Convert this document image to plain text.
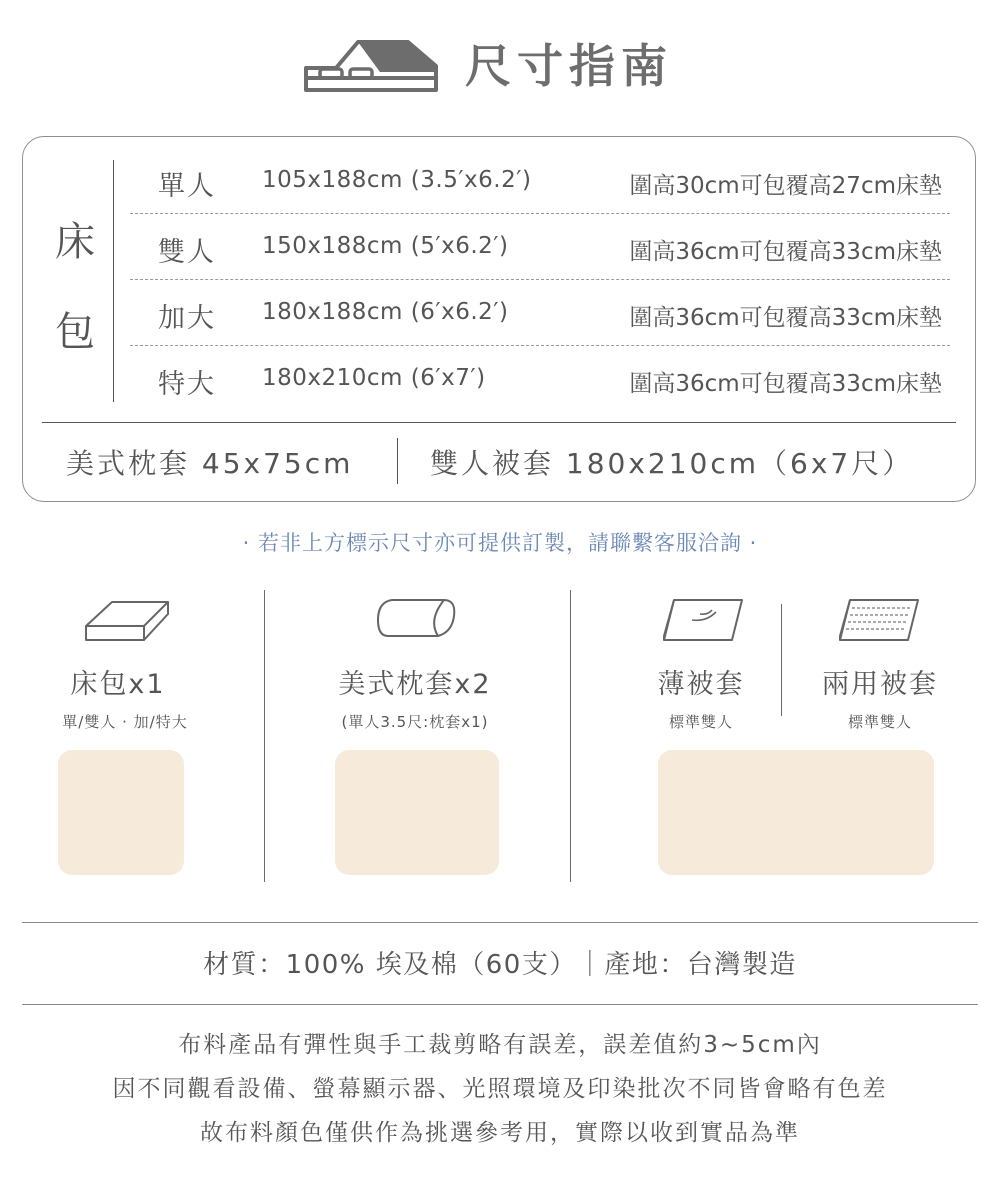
尺寸指南
床
包
單人 105x188cm (3.5′x6.2′)	圍高30cm可包覆高27cm床墊
雙人 150x188cm (5′x6.2′)	圍高36cm可包覆高33cm床墊
加大 180x188cm (6′x6.2′)	圍高36cm可包覆高33cm床墊
特大 180x210cm (6′x7′)	圍高36cm可包覆高33cm床墊
美式枕套 45x75cm	雙人被套 180x210cm（6x7尺）
· 若非上方標示尺寸亦可提供訂製，請聯繫客服洽詢 ·
床包x1
單/雙人 · 加/特大
美式枕套x2
(單人3.5尺:枕套x1)
薄被套
標準雙人
兩用被套
標準雙人
材質：100% 埃及棉（60支）｜產地：台灣製造
布料產品有彈性與手工裁剪略有誤差，誤差值約3~5cm內
因不同觀看設備、螢幕顯示器、光照環境及印染批次不同皆會略有色差
故布料顏色僅供作為挑選參考用，實際以收到實品為準
